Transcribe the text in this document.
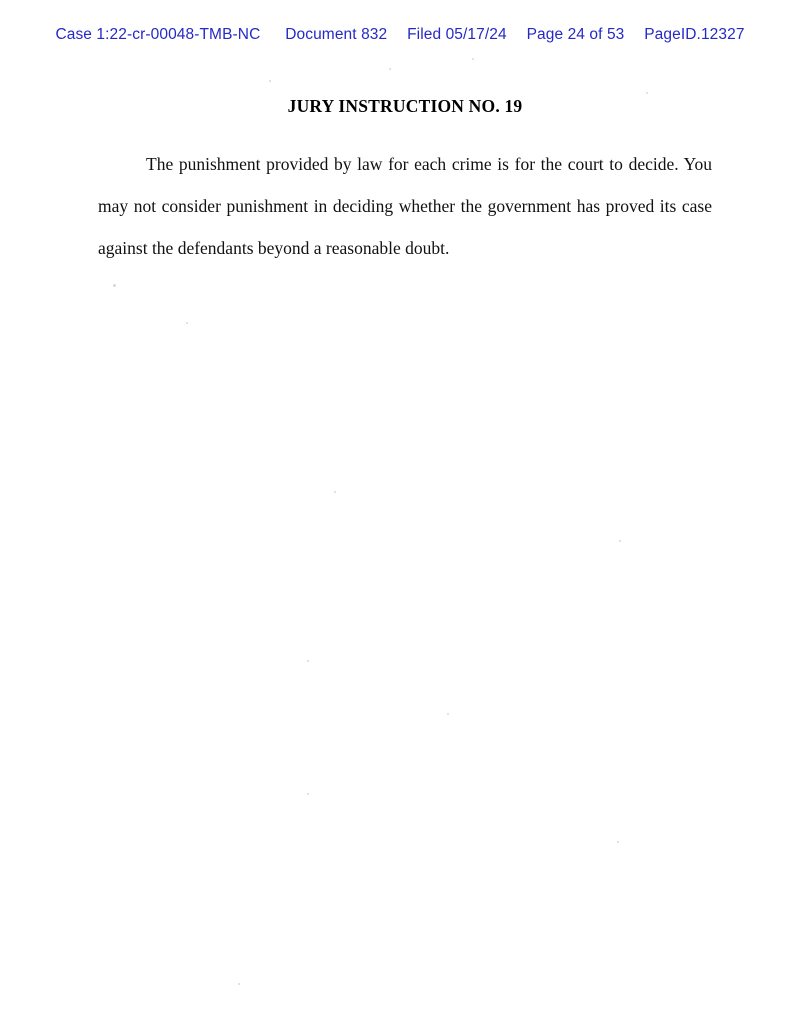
Case 1:22-cr-00048-TMB-NC Document 832 Filed 05/17/24 Page 24 of 53 PageID.12327
JURY INSTRUCTION NO. 19

The punishment provided by law for each crime is for the court to decide. You may not consider punishment in deciding whether the government has proved its case against the defendants beyond a reasonable doubt.
